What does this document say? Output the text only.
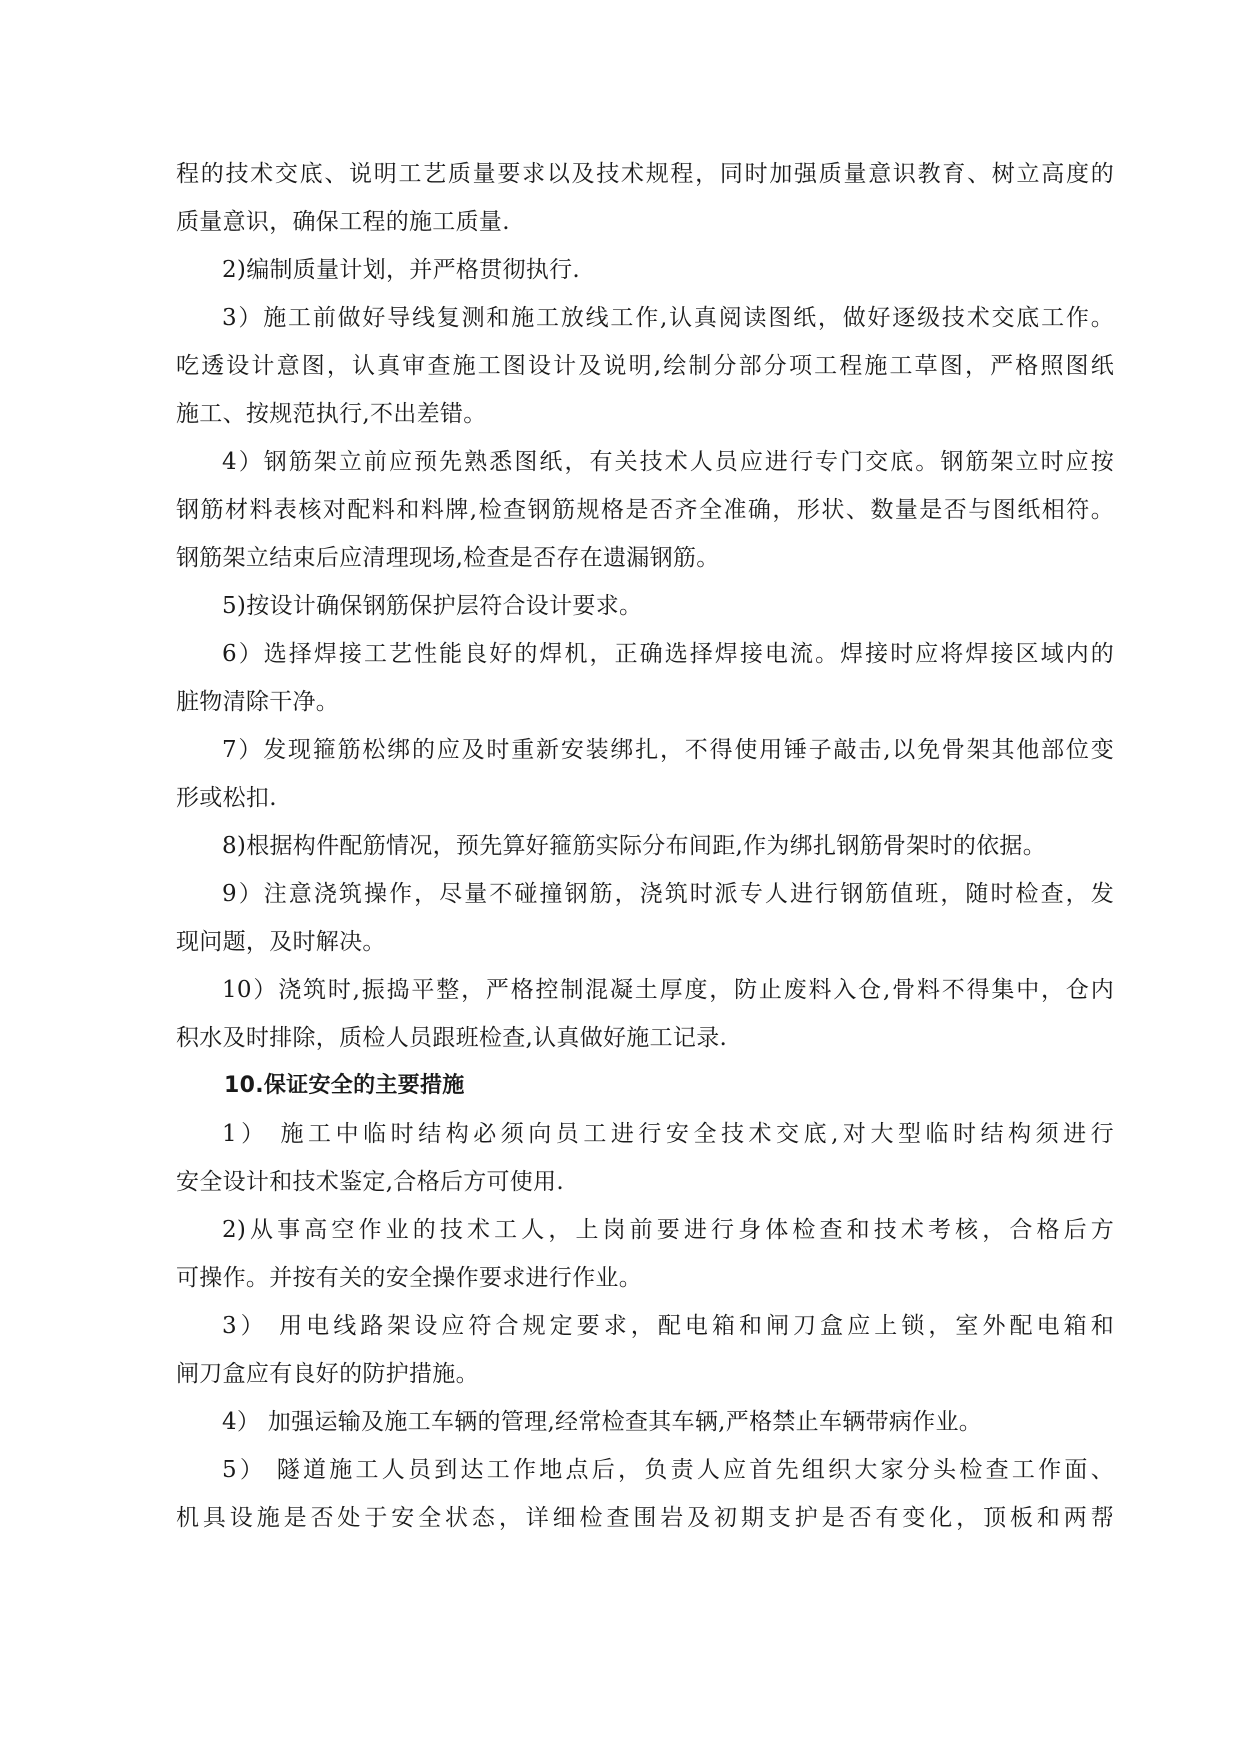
程的技术交底、说明工艺质量要求以及技术规程，同时加强质量意识教育、树立高度的
质量意识，确保工程的施工质量.
2)编制质量计划，并严格贯彻执行.
3）施工前做好导线复测和施工放线工作,认真阅读图纸，做好逐级技术交底工作。
吃透设计意图，认真审查施工图设计及说明,绘制分部分项工程施工草图，严格照图纸
施工、按规范执行,不出差错。
4）钢筋架立前应预先熟悉图纸，有关技术人员应进行专门交底。钢筋架立时应按
钢筋材料表核对配料和料牌,检查钢筋规格是否齐全准确，形状、数量是否与图纸相符。
钢筋架立结束后应清理现场,检查是否存在遗漏钢筋。
5)按设计确保钢筋保护层符合设计要求。
6）选择焊接工艺性能良好的焊机，正确选择焊接电流。焊接时应将焊接区域内的
脏物清除干净。
7）发现箍筋松绑的应及时重新安装绑扎，不得使用锤子敲击,以免骨架其他部位变
形或松扣.
8)根据构件配筋情况，预先算好箍筋实际分布间距,作为绑扎钢筋骨架时的依据。
9）注意浇筑操作，尽量不碰撞钢筋，浇筑时派专人进行钢筋值班，随时检查，发
现问题，及时解决。
10）浇筑时,振捣平整，严格控制混凝土厚度，防止废料入仓,骨料不得集中，仓内
积水及时排除，质检人员跟班检查,认真做好施工记录.
10.保证安全的主要措施
1） 施工中临时结构必须向员工进行安全技术交底,对大型临时结构须进行
安全设计和技术鉴定,合格后方可使用.
2)从事高空作业的技术工人，上岗前要进行身体检查和技术考核，合格后方
可操作。并按有关的安全操作要求进行作业。
3） 用电线路架设应符合规定要求，配电箱和闸刀盒应上锁，室外配电箱和
闸刀盒应有良好的防护措施。
4） 加强运输及施工车辆的管理,经常检查其车辆,严格禁止车辆带病作业。
5） 隧道施工人员到达工作地点后，负责人应首先组织大家分头检查工作面、
机具设施是否处于安全状态，详细检查围岩及初期支护是否有变化，顶板和两帮
